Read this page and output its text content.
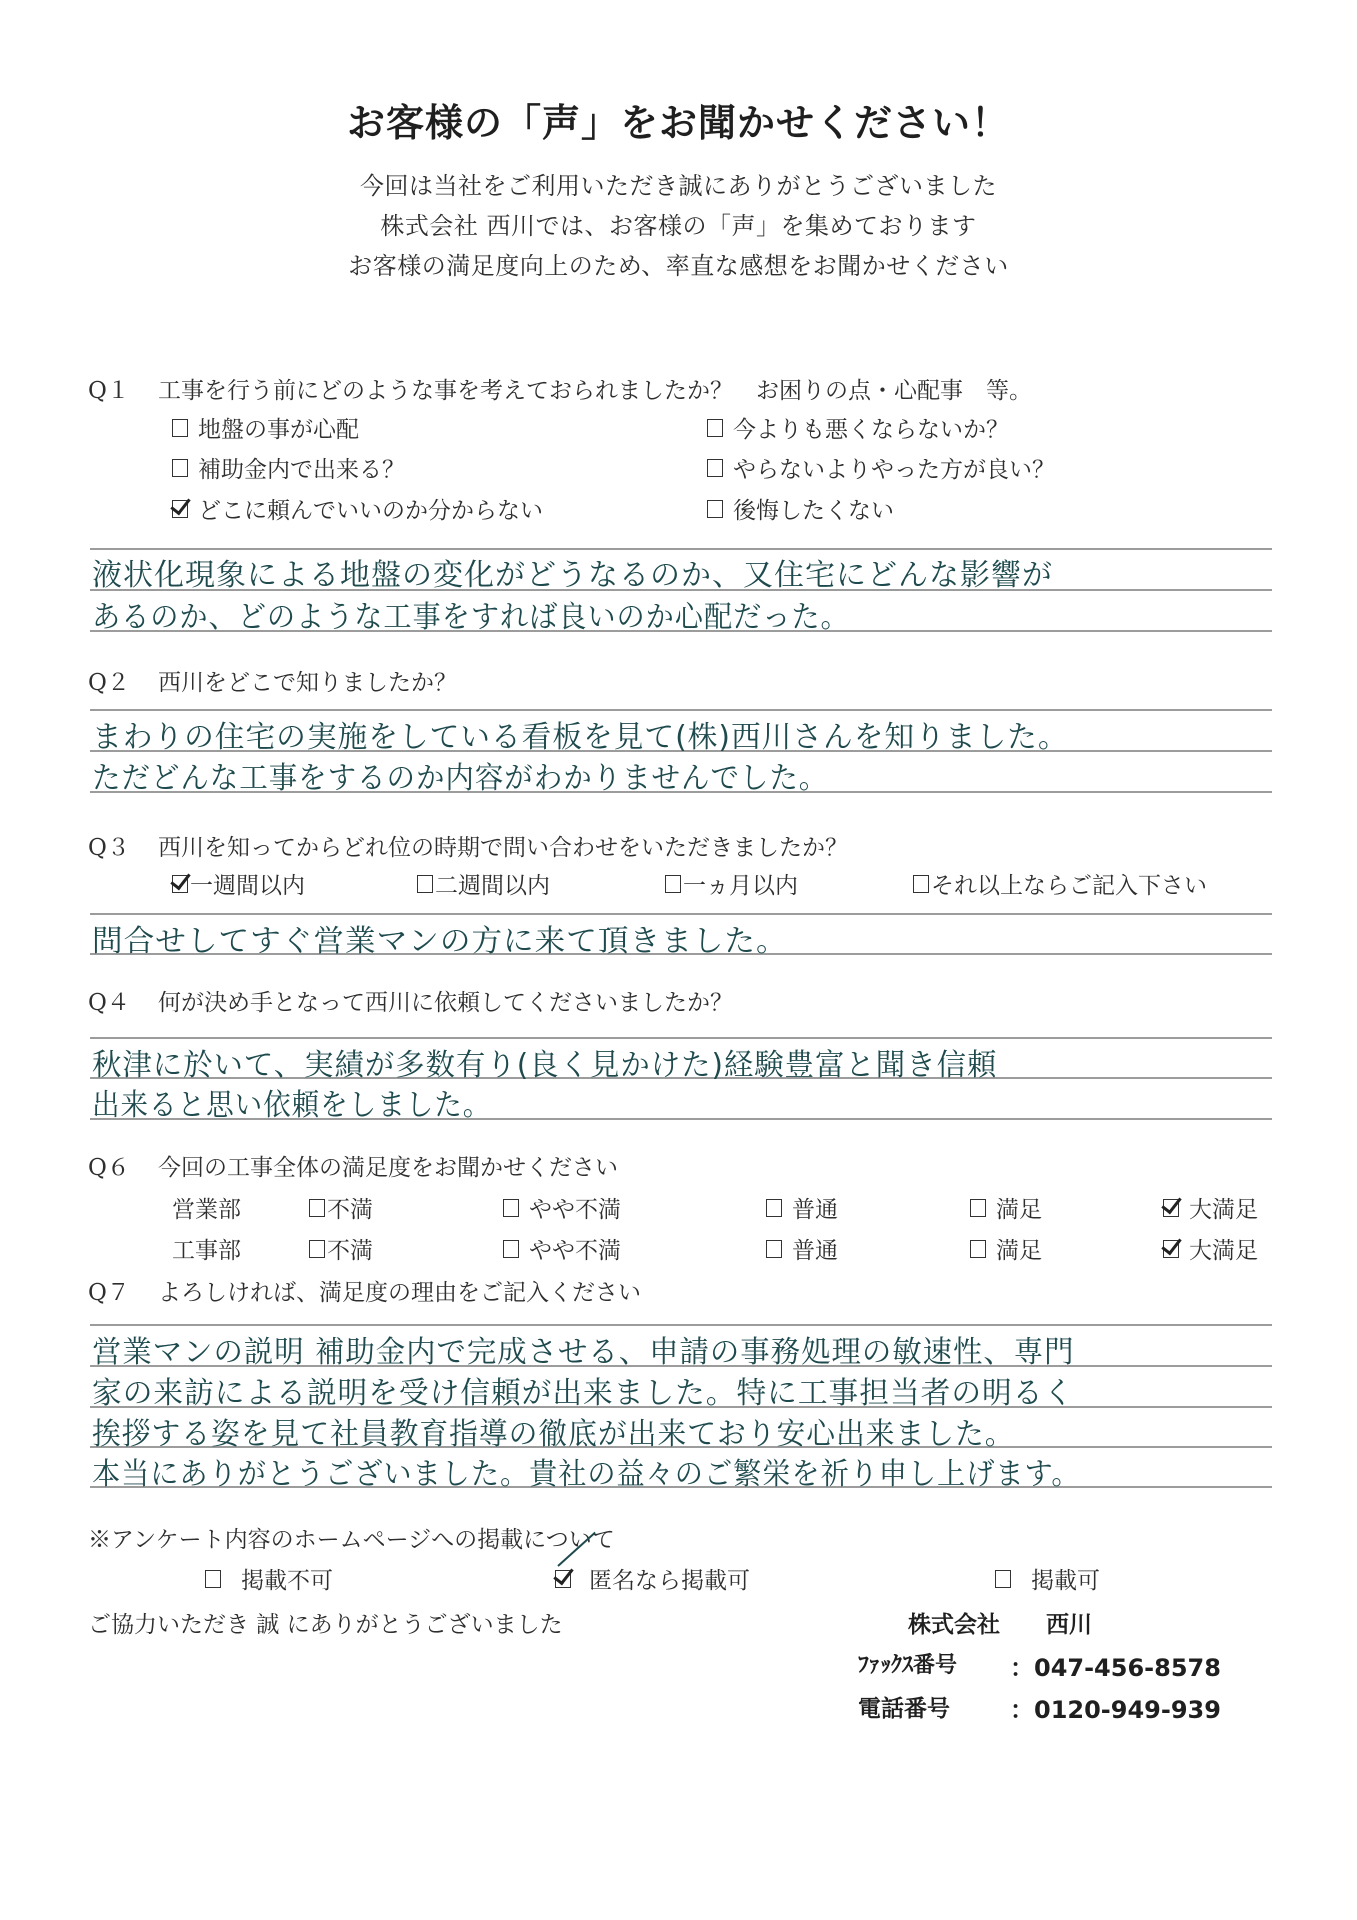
お客様の「声」をお聞かせください！
今回は当社をご利用いただき誠にありがとうございました
株式会社 西川では、お客様の「声」を集めております
お客様の満足度向上のため、率直な感想をお聞かせください
Q１ 工事を行う前にどのような事を考えておられましたか？　お困りの点・心配事　等。
地盤の事が心配	今よりも悪くならないか？
補助金内で出来る？	やらないよりやった方が良い？
どこに頼んでいいのか分からない	後悔したくない
液状化現象による地盤の変化がどうなるのか、又住宅にどんな影響が
あるのか、どのような工事をすれば良いのか心配だった。
Q２ 西川をどこで知りましたか？
まわりの住宅の実施をしている看板を見て(株)西川さんを知りました。
ただどんな工事をするのか内容がわかりませんでした。
Q３ 西川を知ってからどれ位の時期で問い合わせをいただきましたか？
一週間以内	二週間以内	一ヵ月以内	それ以上ならご記入下さい
問合せしてすぐ営業マンの方に来て頂きました。
Q４ 何が決め手となって西川に依頼してくださいましたか？
秋津に於いて、実績が多数有り(良く見かけた)経験豊富と聞き信頼
出来ると思い依頼をしました。
Q６ 今回の工事全体の満足度をお聞かせください
営業部	不満	やや不満	普通	満足	大満足
工事部	不満	やや不満	普通	満足	大満足
Q７ よろしければ、満足度の理由をご記入ください
営業マンの説明 補助金内で完成させる、申請の事務処理の敏速性、専門
家の来訪による説明を受け信頼が出来ました。特に工事担当者の明るく
挨拶する姿を見て社員教育指導の徹底が出来ており安心出来ました。
本当にありがとうございました。貴社の益々のご繁栄を祈り申し上げます。
※アンケート内容のホームページへの掲載について
掲載不可	匿名なら掲載可	掲載可
ご協力いただき 誠 にありがとうございました	株式会社　　西川
ﾌｧｯｸｽ番号 ：047-456-8578
電話番号	：0120-949-939
